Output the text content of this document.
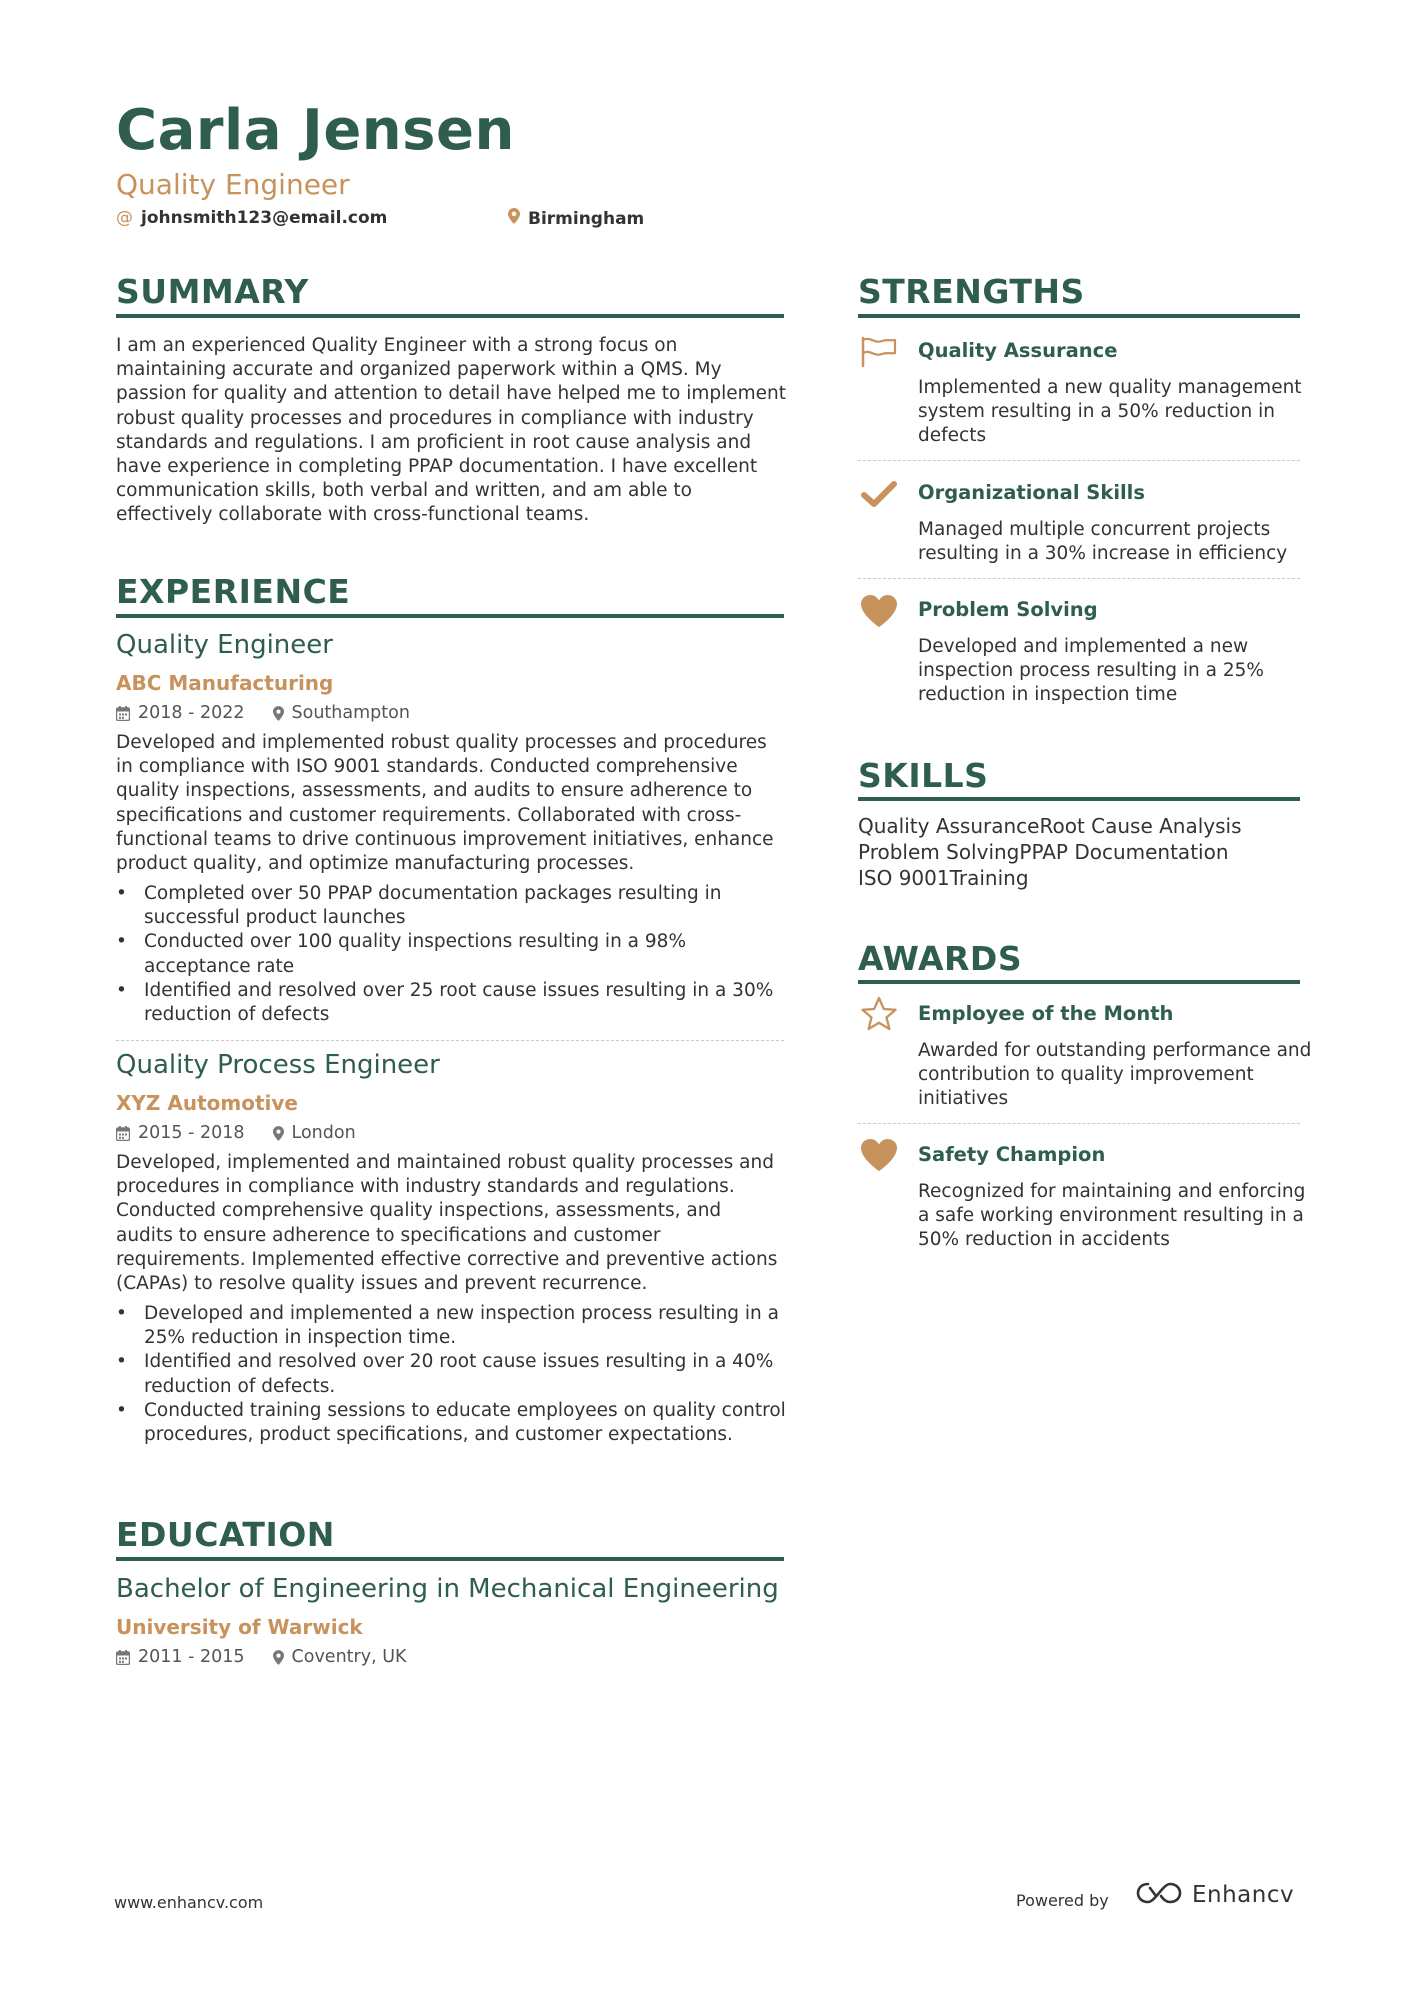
Carla Jensen
Quality Engineer
@ johnsmith123@email.com	Birmingham
SUMMARY
I am an experienced Quality Engineer with a strong focus on
maintaining accurate and organized paperwork within a QMS. My
passion for quality and attention to detail have helped me to implement
robust quality processes and procedures in compliance with industry
standards and regulations. I am proficient in root cause analysis and
have experience in completing PPAP documentation. I have excellent
communication skills, both verbal and written, and am able to
effectively collaborate with cross-functional teams.
EXPERIENCE
Quality Engineer
ABC Manufacturing
2018 - 2022	Southampton
Developed and implemented robust quality processes and procedures
in compliance with ISO 9001 standards. Conducted comprehensive
quality inspections, assessments, and audits to ensure adherence to
specifications and customer requirements. Collaborated with cross-
functional teams to drive continuous improvement initiatives, enhance
product quality, and optimize manufacturing processes.
• Completed over 50 PPAP documentation packages resulting in successful product launches
• Conducted over 100 quality inspections resulting in a 98% acceptance rate
• Identified and resolved over 25 root cause issues resulting in a 30% reduction of defects
Quality Process Engineer
XYZ Automotive
2015 - 2018	London
Developed, implemented and maintained robust quality processes and
procedures in compliance with industry standards and regulations.
Conducted comprehensive quality inspections, assessments, and
audits to ensure adherence to specifications and customer
requirements. Implemented effective corrective and preventive actions
(CAPAs) to resolve quality issues and prevent recurrence.
• Developed and implemented a new inspection process resulting in a 25% reduction in inspection time.
• Identified and resolved over 20 root cause issues resulting in a 40% reduction of defects.
• Conducted training sessions to educate employees on quality control procedures, product specifications, and customer expectations.
EDUCATION
Bachelor of Engineering in Mechanical Engineering
University of Warwick
2011 - 2015	Coventry, UK
STRENGTHS
Quality Assurance
Implemented a new quality management system resulting in a 50% reduction in defects
Organizational Skills
Managed multiple concurrent projects resulting in a 30% increase in efficiency
Problem Solving
Developed and implemented a new inspection process resulting in a 25% reduction in inspection time
SKILLS
Quality AssuranceRoot Cause Analysis
Problem SolvingPPAP Documentation
ISO 9001Training
AWARDS
Employee of the Month
Awarded for outstanding performance and contribution to quality improvement initiatives
Safety Champion
Recognized for maintaining and enforcing a safe working environment resulting in a 50% reduction in accidents
www.enhancv.com	Powered by	Enhancv
